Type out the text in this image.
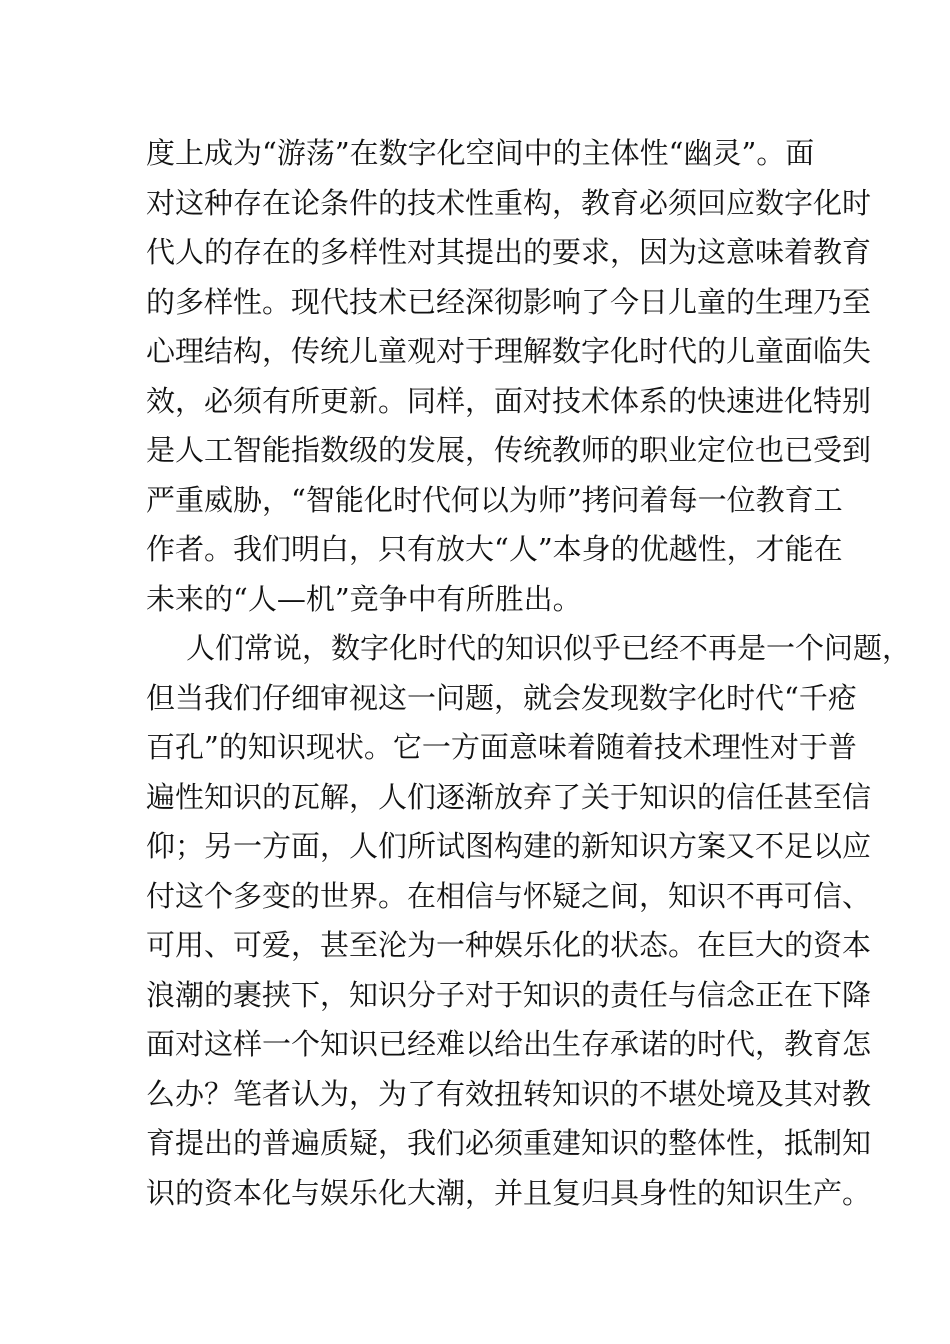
度上成为“游荡”在数字化空间中的主体性“幽灵”。面
对这种存在论条件的技术性重构，教育必须回应数字化时
代人的存在的多样性对其提出的要求，因为这意味着教育
的多样性。现代技术已经深彻影响了今日儿童的生理乃至
心理结构，传统儿童观对于理解数字化时代的儿童面临失
效，必须有所更新。同样，面对技术体系的快速进化特别
是人工智能指数级的发展，传统教师的职业定位也已受到
严重威胁，“智能化时代何以为师”拷问着每一位教育工
作者。我们明白，只有放大“人”本身的优越性，才能在
未来的“人—机”竞争中有所胜出。
人们常说，数字化时代的知识似乎已经不再是一个问题，
但当我们仔细审视这一问题，就会发现数字化时代“千疮
百孔”的知识现状。它一方面意味着随着技术理性对于普
遍性知识的瓦解，人们逐渐放弃了关于知识的信任甚至信
仰；另一方面，人们所试图构建的新知识方案又不足以应
付这个多变的世界。在相信与怀疑之间，知识不再可信、
可用、可爱，甚至沦为一种娱乐化的状态。在巨大的资本
浪潮的裹挟下，知识分子对于知识的责任与信念正在下降
面对这样一个知识已经难以给出生存承诺的时代，教育怎
么办？笔者认为，为了有效扭转知识的不堪处境及其对教
育提出的普遍质疑，我们必须重建知识的整体性，抵制知
识的资本化与娱乐化大潮，并且复归具身性的知识生产。
